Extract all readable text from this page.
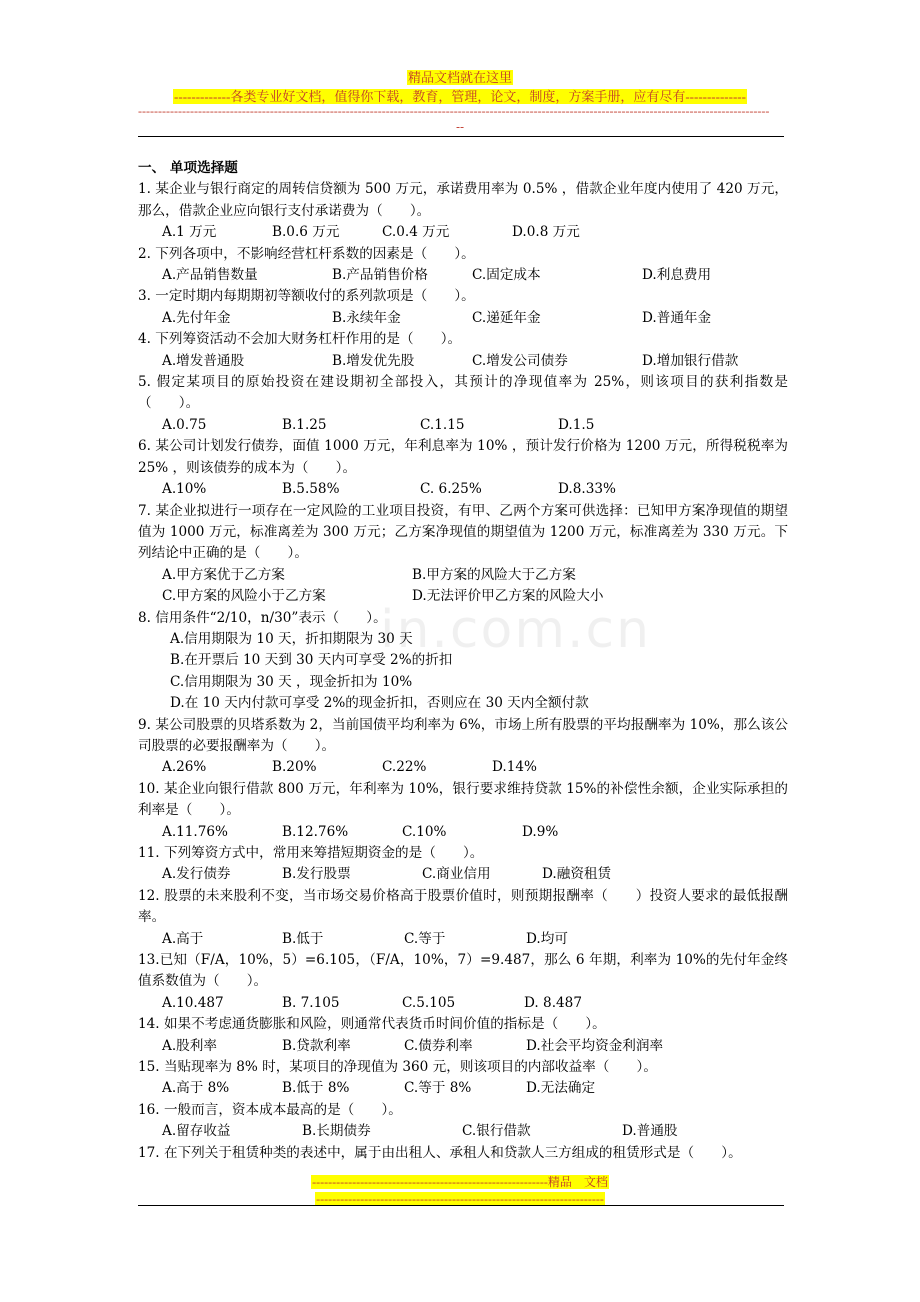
精品文档就在这里
-------------各类专业好文档，值得你下载，教育，管理，论文，制度，方案手册，应有尽有--------------
--------------------------------------------------------------------------------------------------------------------------------------------------------------
--
in.com.cn
一、 单项选择题

1. 某企业与银行商定的周转信贷额为 500 万元，承诺费用率为 0.5% ，借款企业年度内使用了 420 万元，那么，借款企业应向银行支付承诺费为（　　）。

A.1 万元	B.0.6 万元	C.0.4 万元	D.0.8 万元

2. 下列各项中，不影响经营杠杆系数的因素是（　　）。

A.产品销售数量	B.产品销售价格	C.固定成本	D.利息费用

3. 一定时期内每期期初等额收付的系列款项是（　　）。

A.先付年金	B.永续年金	C.递延年金	D.普通年金

4. 下列筹资活动不会加大财务杠杆作用的是（　　）。

A.增发普通股	B.增发优先股	C.增发公司债券	D.增加银行借款

5. 假定某项目的原始投资在建设期初全部投入，其预计的净现值率为 25%，则该项目的获利指数是（　　）。

A.0.75	B.1.25	C.1.15	D.1.5

6. 某公司计划发行债券，面值 1000 万元，年利息率为 10% ，预计发行价格为 1200 万元，所得税税率为 25% ，则该债券的成本为（　　）。

A.10%	B.5.58%	C. 6.25%	D.8.33%

7. 某企业拟进行一项存在一定风险的工业项目投资，有甲、乙两个方案可供选择：已知甲方案净现值的期望值为 1000 万元，标准离差为 300 万元；乙方案净现值的期望值为 1200 万元，标准离差为 330 万元。下列结论中正确的是（　　）。

A.甲方案优于乙方案	B.甲方案的风险大于乙方案
C.甲方案的风险小于乙方案	D.无法评价甲乙方案的风险大小

8. 信用条件“2/10，n/30”表示（　　）。

A.信用期限为 10 天，折扣期限为 30 天
B.在开票后 10 天到 30 天内可享受 2%的折扣
C.信用期限为 30 天 ，现金折扣为 10%
D.在 10 天内付款可享受 2%的现金折扣，否则应在 30 天内全额付款

9. 某公司股票的贝塔系数为 2，当前国债平均利率为 6%，市场上所有股票的平均报酬率为 10%，那么该公司股票的必要报酬率为（　　）。

A.26%	B.20%	C.22%	D.14%

10. 某企业向银行借款 800 万元，年利率为 10%，银行要求维持贷款 15%的补偿性余额，企业实际承担的利率是（　　）。

A.11.76%	B.12.76%	C.10%	D.9%

11. 下列筹资方式中，常用来筹措短期资金的是（　　）。

A.发行债券	B.发行股票	C.商业信用	D.融资租赁

12. 股票的未来股利不变，当市场交易价格高于股票价值时，则预期报酬率（　　）投资人要求的最低报酬率。

A.高于	B.低于	C.等于	D.均可

13.已知（F/A，10%，5）=6.105，（F/A，10%，7）=9.487，那么 6 年期，利率为 10%的先付年金终值系数值为（　　）。

A.10.487	B. 7.105	C.5.105	D. 8.487

14. 如果不考虑通货膨胀和风险，则通常代表货币时间价值的指标是（　　）。

A.股利率	B.贷款利率	C.债券利率	D.社会平均资金利润率

15. 当贴现率为 8% 时，某项目的净现值为 360 元，则该项目的内部收益率（　　）。

A.高于 8%	B.低于 8%	C.等于 8%	D.无法确定

16. 一般而言，资本成本最高的是（　　）。

A.留存收益	B.长期债券	C.银行借款	D.普通股

17. 在下列关于租赁种类的表述中，属于由出租人、承租人和贷款人三方组成的租赁形式是（　　）。

-----------------------------------------------------------精品　文档
------------------------------------------------------------------------
